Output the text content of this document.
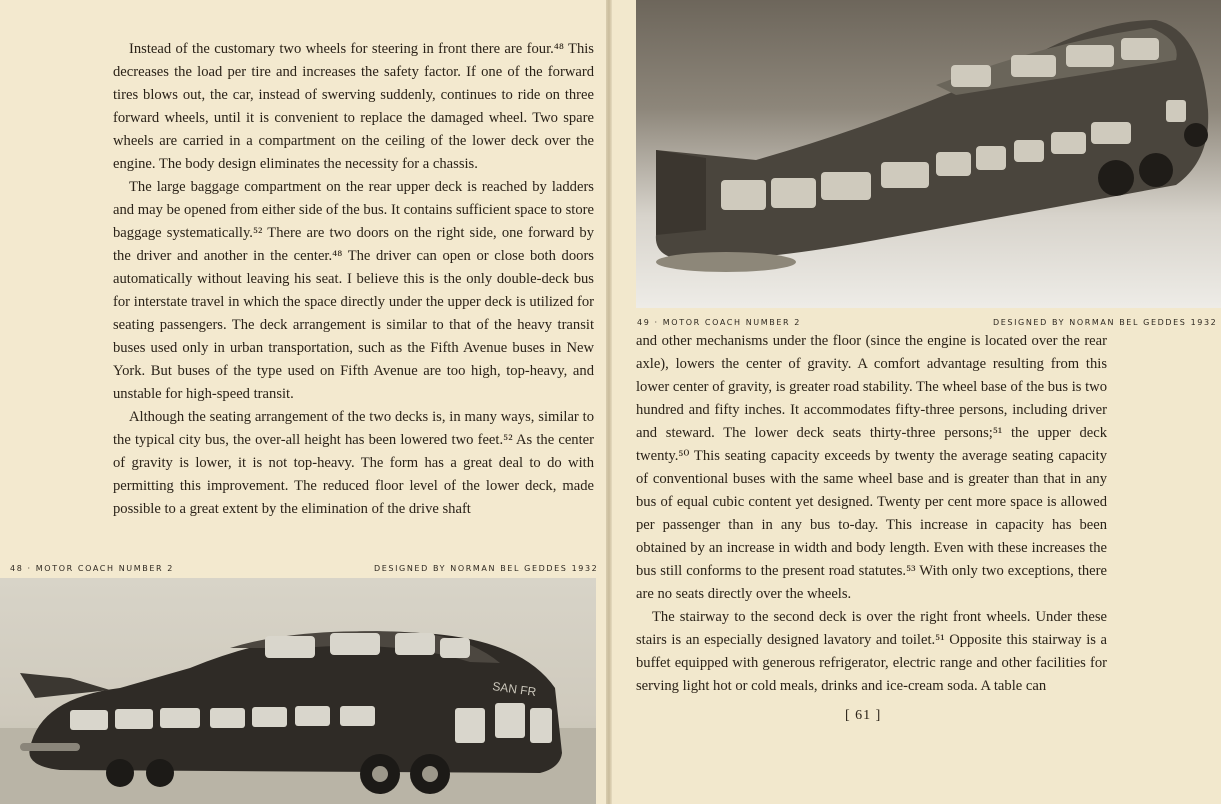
Instead of the customary two wheels for steering in front there are four.⁴⁸ This decreases the load per tire and increases the safety factor. If one of the forward tires blows out, the car, instead of swerving suddenly, continues to ride on three forward wheels, until it is convenient to replace the damaged wheel. Two spare wheels are carried in a compartment on the ceiling of the lower deck over the engine. The body design eliminates the necessity for a chassis.

The large baggage compartment on the rear upper deck is reached by ladders and may be opened from either side of the bus. It contains sufficient space to store baggage systematically.⁵² There are two doors on the right side, one forward by the driver and another in the center.⁴⁸ The driver can open or close both doors automatically without leaving his seat. I believe this is the only double-deck bus for interstate travel in which the space directly under the upper deck is utilized for seating passengers. The deck arrangement is similar to that of the heavy transit buses used only in urban transportation, such as the Fifth Avenue buses in New York. But buses of the type used on Fifth Avenue are too high, top-heavy, and unstable for high-speed transit.

Although the seating arrangement of the two decks is, in many ways, similar to the typical city bus, the over-all height has been lowered two feet.⁵² As the center of gravity is lower, it is not top-heavy. The form has a great deal to do with permitting this improvement. The reduced floor level of the lower deck, made possible to a great extent by the elimination of the drive shaft

48 · MOTOR COACH NUMBER 2	DESIGNED BY NORMAN BEL GEDDES 1932
SAN FR
49 · MOTOR COACH NUMBER 2	DESIGNED BY NORMAN BEL GEDDES 1932

and other mechanisms under the floor (since the engine is located over the rear axle), lowers the center of gravity. A comfort advantage resulting from this lower center of gravity, is greater road stability. The wheel base of the bus is two hundred and fifty inches. It accommodates fifty-three persons, including driver and steward. The lower deck seats thirty-three persons;⁵¹ the upper deck twenty.⁵⁰ This seating capacity exceeds by twenty the average seating capacity of conventional buses with the same wheel base and is greater than that in any bus of equal cubic content yet designed. Twenty per cent more space is allowed per passenger than in any bus to-day. This increase in capacity has been obtained by an increase in width and body length. Even with these increases the bus still conforms to the present road statutes.⁵³ With only two exceptions, there are no seats directly over the wheels.

The stairway to the second deck is over the right front wheels. Under these stairs is an especially designed lavatory and toilet.⁵¹ Opposite this stairway is a buffet equipped with generous refrigerator, electric range and other facilities for serving light hot or cold meals, drinks and ice-cream soda. A table can

[ 61 ]
